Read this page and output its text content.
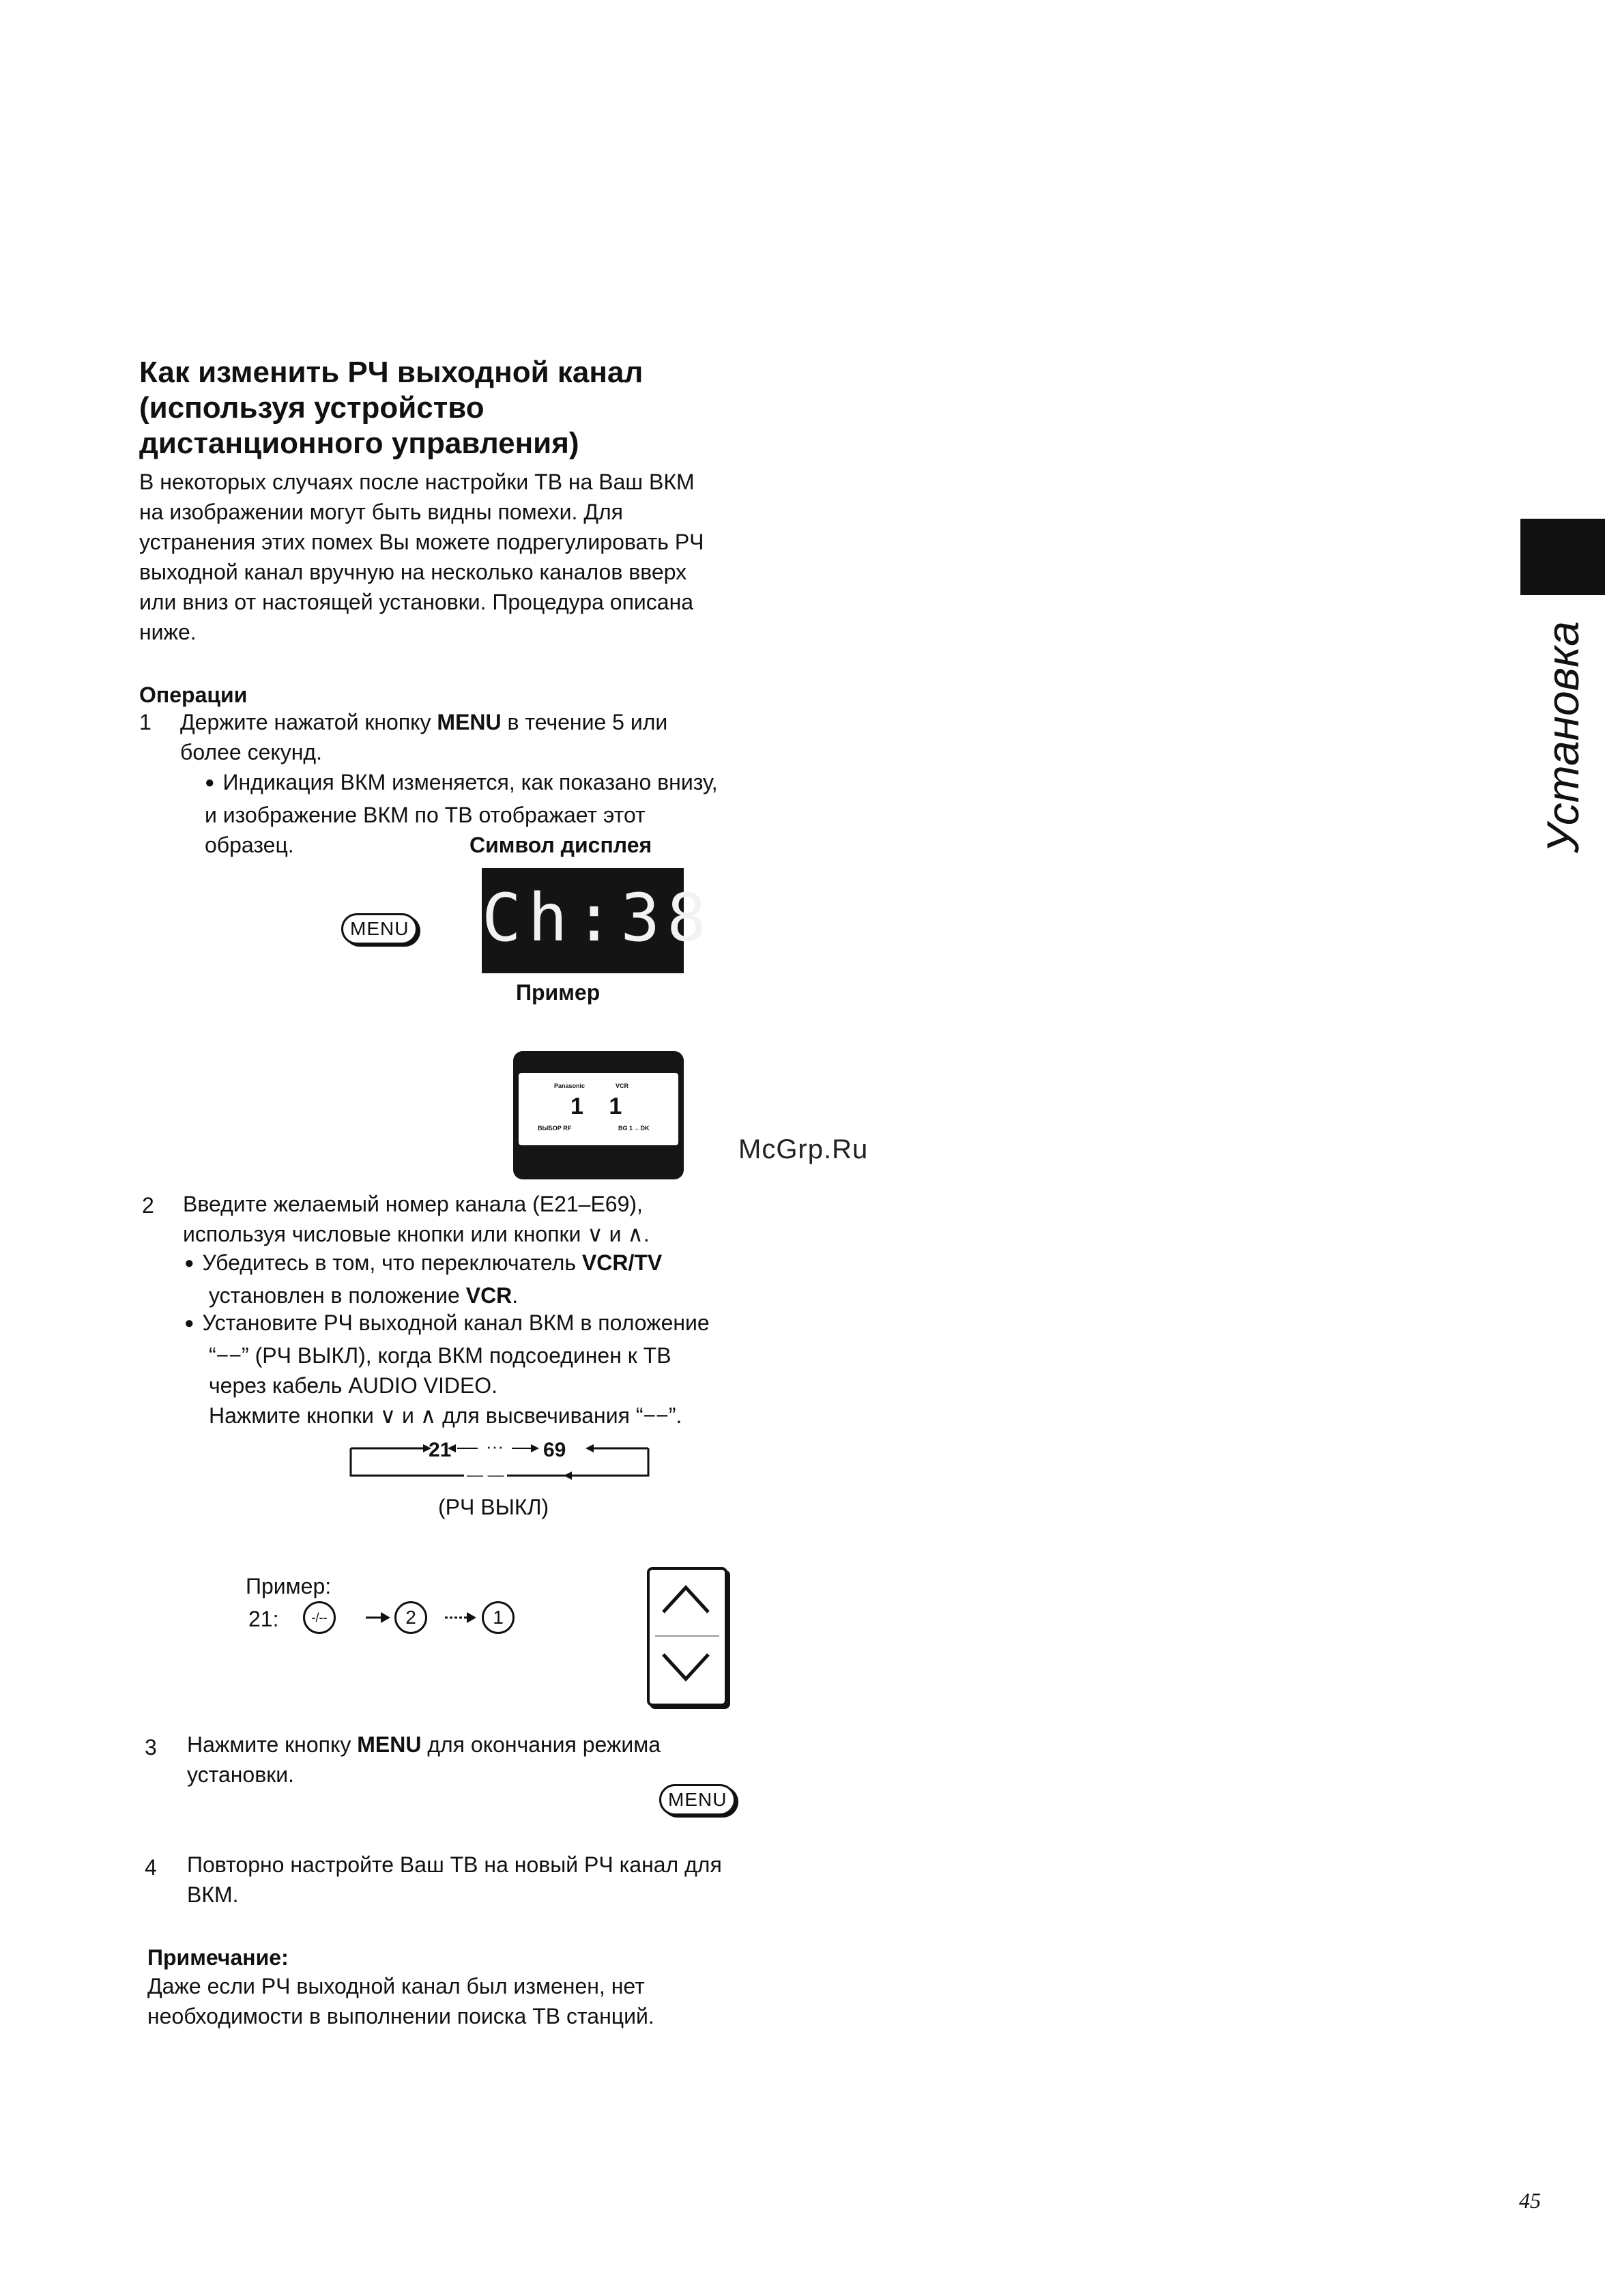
Установка
Как изменить РЧ выходной канал
(используя устройство
дистанционного управления)
В некоторых случаях после настройки ТВ на Ваш ВКМ
на изображении могут быть видны помехи. Для
устранения этих помех Вы можете подрегулировать РЧ
выходной канал вручную на несколько каналов вверх
или вниз от настоящей установки. Процедура описана
ниже.
Операции
1 Держите нажатой кнопку MENU в течение 5 или
более секунд.
● Индикация ВКМ изменяется, как показано внизу,
и изображение ВКМ по ТВ отображает этот
образец.	Символ дисплея
MENU Ch:38
Пример
Panasonic	VCR
1 1
ВЫБОР RF	BG 1 ←DK
КОНЕЦ:MENU	McGrp.Ru
2 Введите желаемый номер канала (E21–E69),
используя числовые кнопки или кнопки ∨ и ∧.
● Убедитесь в том, что переключатель VCR/TV
установлен в положение VCR.
● Установите РЧ выходной канал ВКМ в положение
“−−” (РЧ ВЫКЛ), когда ВКМ подсоединен к ТВ
через кабель AUDIO VIDEO.
Нажмите кнопки ∨ и ∧ для высвечивания “−−”.
21 ··· 69
— —
(РЧ ВЫКЛ)
Пример:
21:	-/--	2	1
3 Нажмите кнопку MENU для окончания режима
установки.
MENU
4 Повторно настройте Ваш ТВ на новый РЧ канал для
ВКМ.
Примечание:
Даже если РЧ выходной канал был изменен, нет
необходимости в выполнении поиска ТВ станций.
45
